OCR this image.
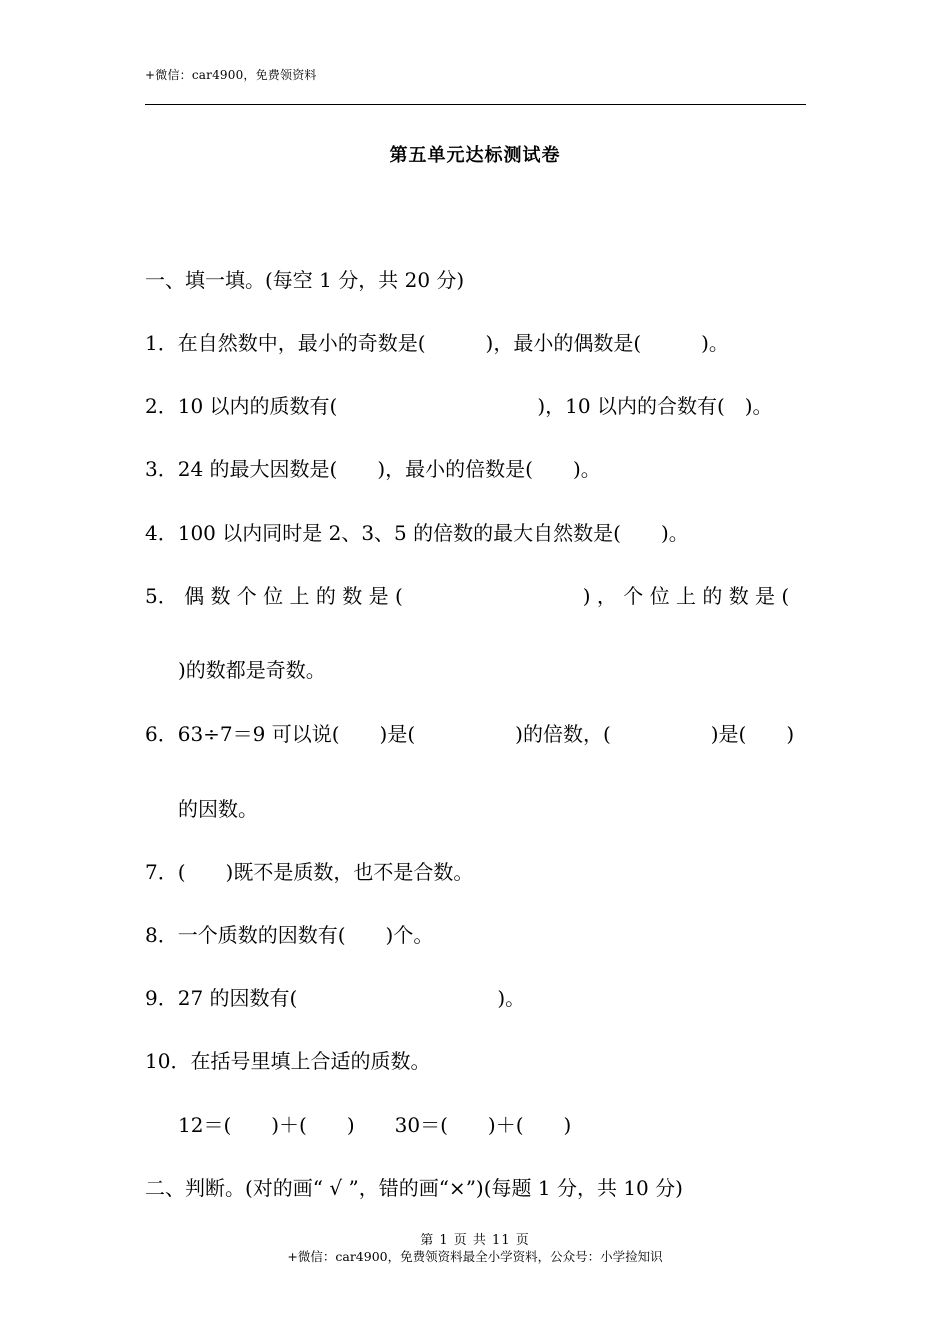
+微信：car4900，免费领资料
第五单元达标测试卷
一、填一填。(每空 1 分，共 20 分)
1．在自然数中，最小的奇数是(　　　)，最小的偶数是(　　　)。
2．10 以内的质数有(　　　　　　　　　　)，10 以内的合数有(　)。
3．24 的最大因数是(　　)，最小的倍数是(　　)。
4．100 以内同时是 2、3、5 的倍数的最大自然数是(　　)。
5． 偶 数 个 位 上 的 数 是 (　　　　　　　　　) ， 个 位 上 的 数 是 (
)的数都是奇数。
6．63÷7＝9 可以说(　　)是(　　　　　)的倍数，(　　　　　)是(　　)
的因数。
7．(　　)既不是质数，也不是合数。
8．一个质数的因数有(　　)个。
9．27 的因数有(　　　　　　　　　　)。
10．在括号里填上合适的质数。
12＝(　　)＋(　　)　　30＝(　　)＋(　　)
二、判断。(对的画“ √ ”，错的画“×”)(每题 1 分，共 10 分)
第 1 页 共 11 页
+微信：car4900，免费领资料最全小学资料，公众号：小学捡知识
